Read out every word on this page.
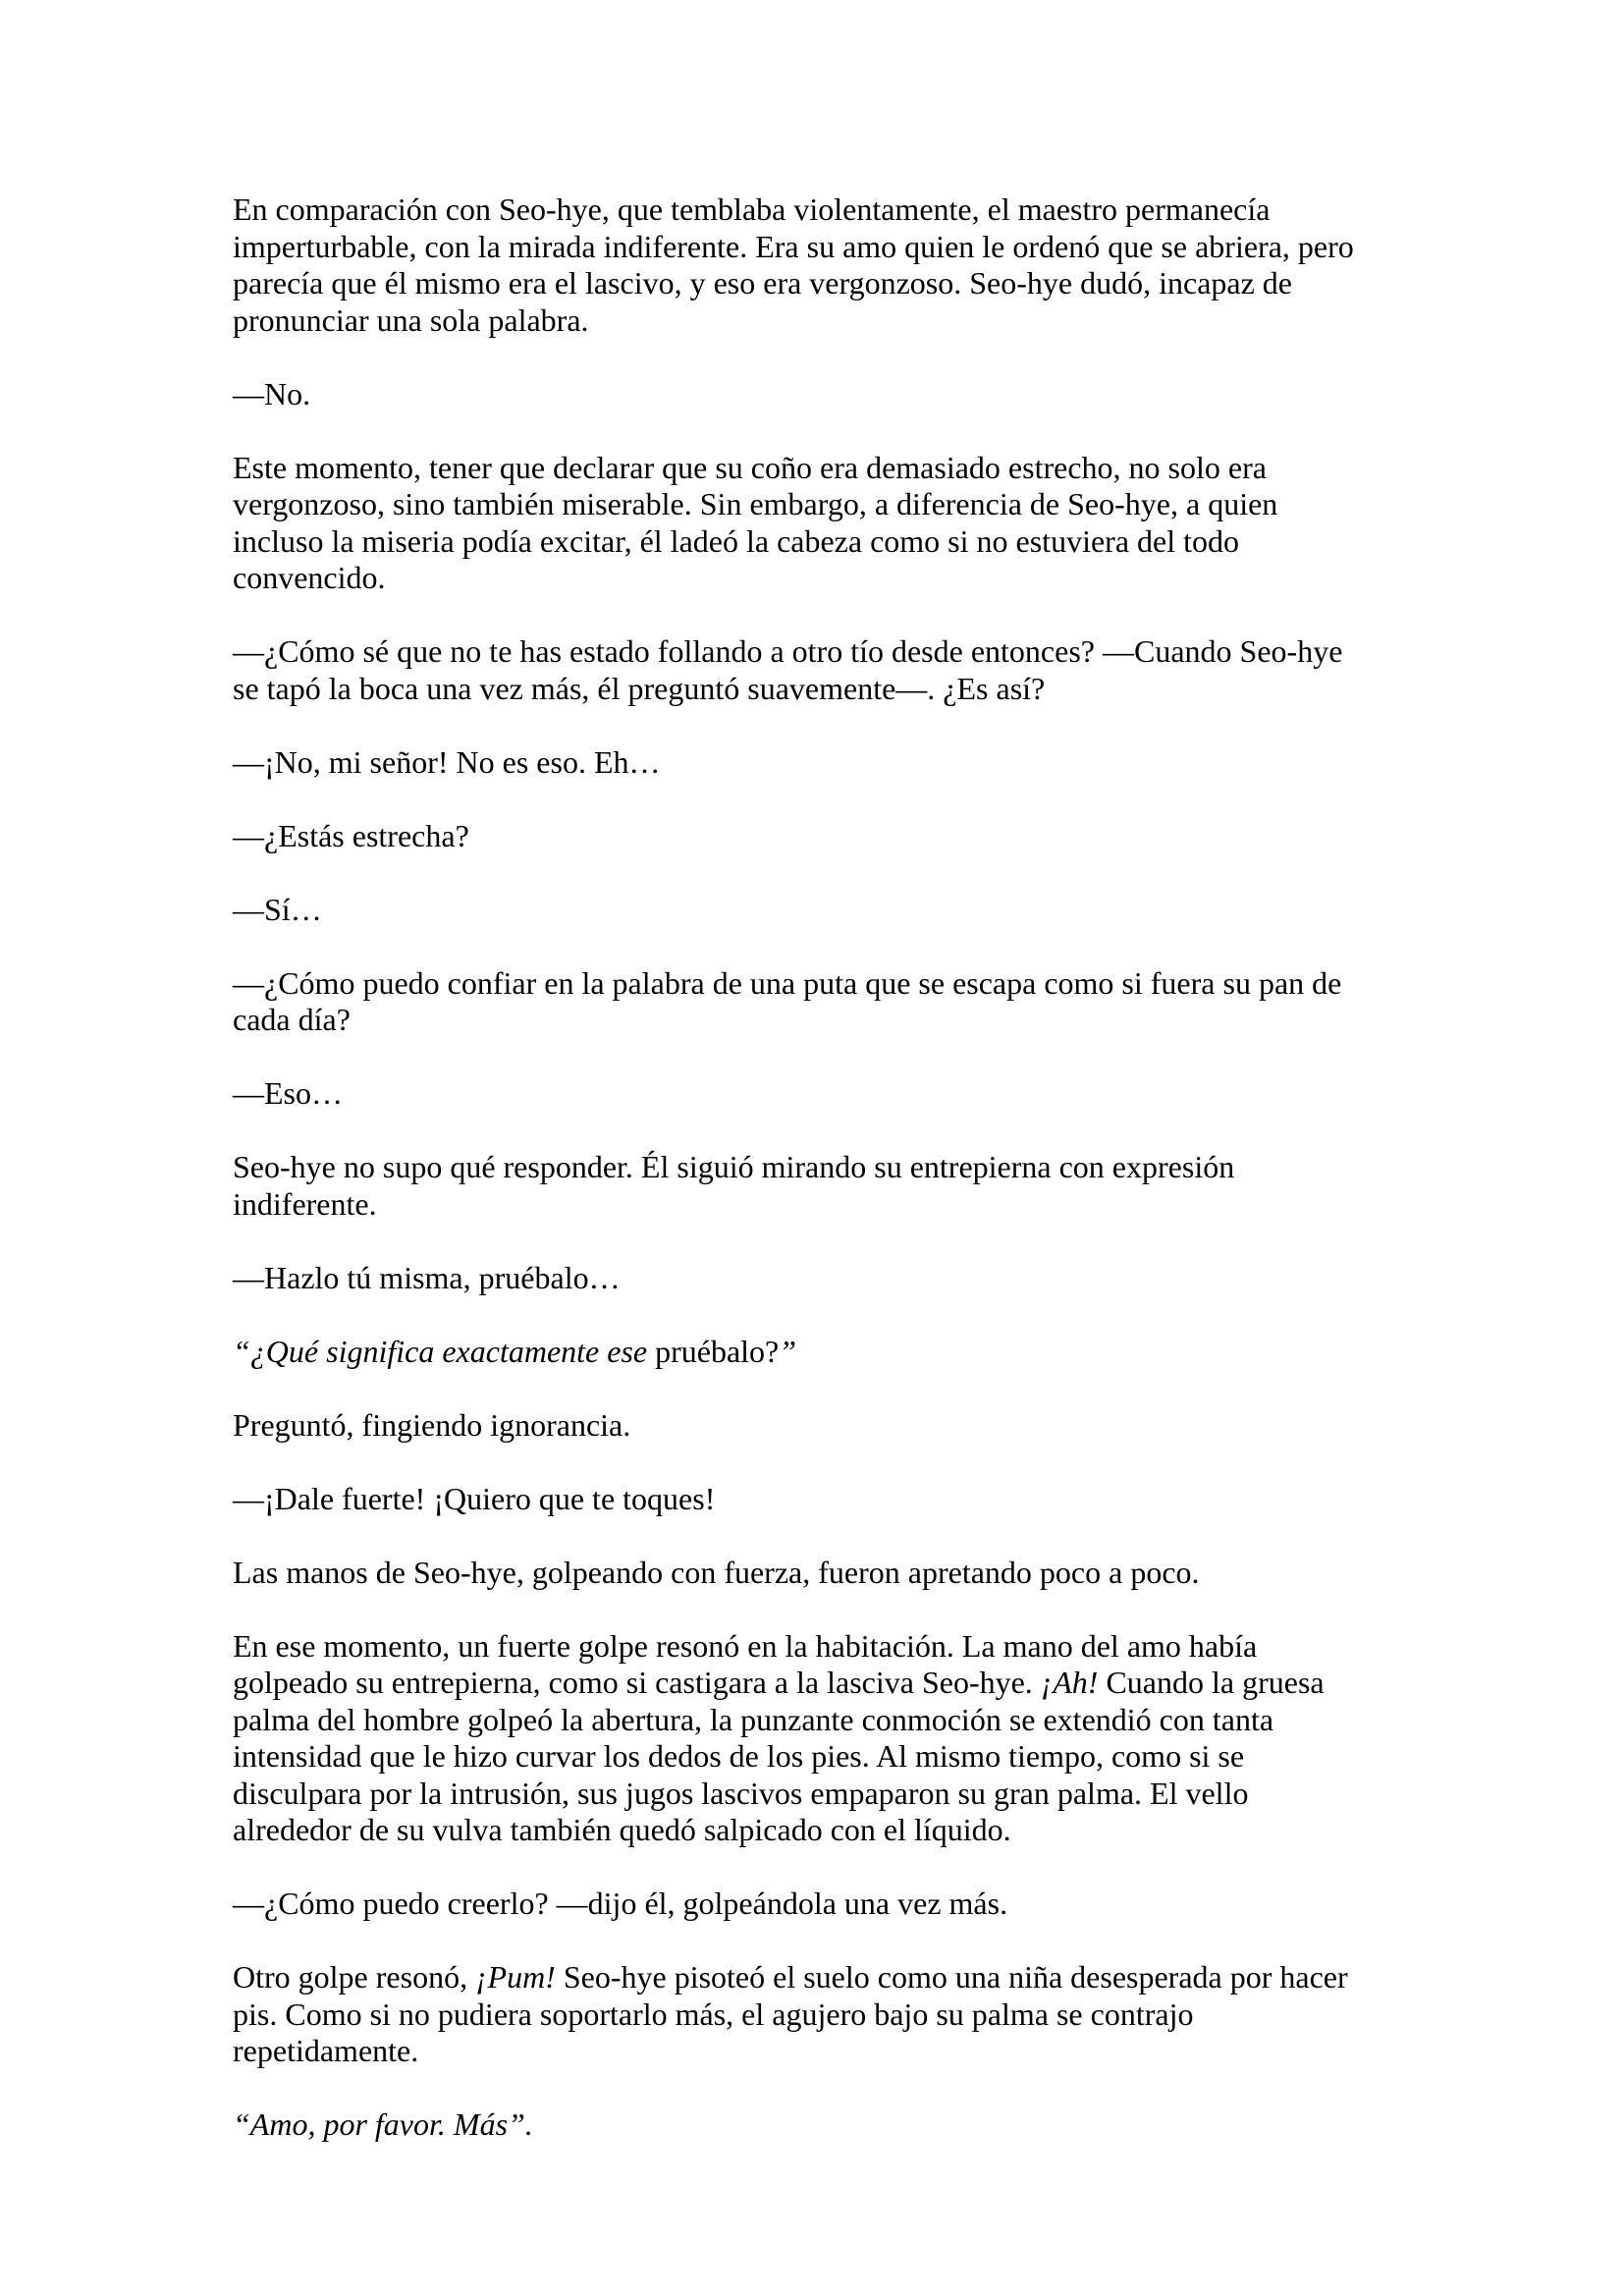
En comparación con Seo-hye, que temblaba violentamente, el maestro permanecía imperturbable, con la mirada indiferente. Era su amo quien le ordenó que se abriera, pero parecía que él mismo era el lascivo, y eso era vergonzoso. Seo-hye dudó, incapaz de pronunciar una sola palabra.

—No.

Este momento, tener que declarar que su coño era demasiado estrecho, no solo era vergonzoso, sino también miserable. Sin embargo, a diferencia de Seo-hye, a quien incluso la miseria podía excitar, él ladeó la cabeza como si no estuviera del todo convencido.

—¿Cómo sé que no te has estado follando a otro tío desde entonces? —Cuando Seo-hye se tapó la boca una vez más, él preguntó suavemente—. ¿Es así?

—¡No, mi señor! No es eso. Eh…

—¿Estás estrecha?

—Sí…

—¿Cómo puedo confiar en la palabra de una puta que se escapa como si fuera su pan de cada día?

—Eso…

Seo-hye no supo qué responder. Él siguió mirando su entrepierna con expresión indiferente.

—Hazlo tú misma, pruébalo…

“¿Qué significa exactamente ese pruébalo?”

Preguntó, fingiendo ignorancia.

—¡Dale fuerte! ¡Quiero que te toques!

Las manos de Seo-hye, golpeando con fuerza, fueron apretando poco a poco.

En ese momento, un fuerte golpe resonó en la habitación. La mano del amo había golpeado su entrepierna, como si castigara a la lasciva Seo-hye. ¡Ah! Cuando la gruesa palma del hombre golpeó la abertura, la punzante conmoción se extendió con tanta intensidad que le hizo curvar los dedos de los pies. Al mismo tiempo, como si se disculpara por la intrusión, sus jugos lascivos empaparon su gran palma. El vello alrededor de su vulva también quedó salpicado con el líquido.

—¿Cómo puedo creerlo? —dijo él, golpeándola una vez más.

Otro golpe resonó, ¡Pum! Seo-hye pisoteó el suelo como una niña desesperada por hacer pis. Como si no pudiera soportarlo más, el agujero bajo su palma se contrajo repetidamente.

“Amo, por favor. Más”.
